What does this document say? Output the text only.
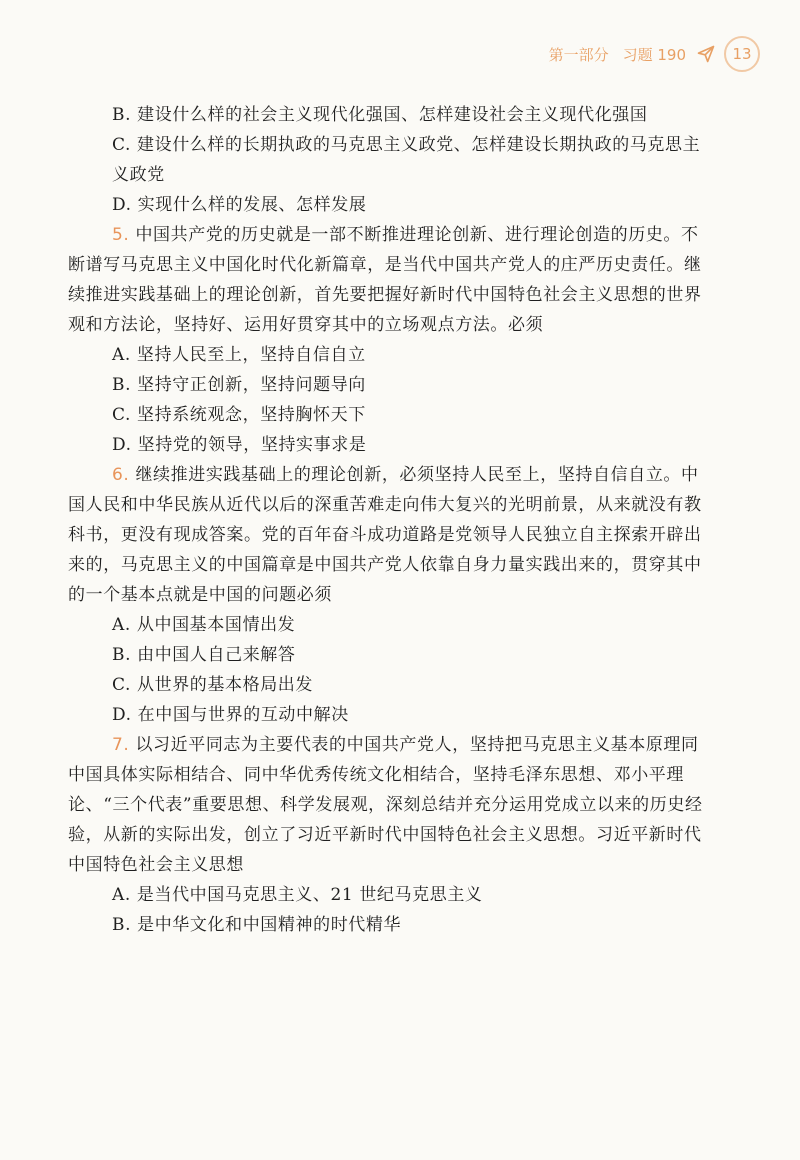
第一部分 习题 190	13

B. 建设什么样的社会主义现代化强国、怎样建设社会主义现代化强国

C. 建设什么样的长期执政的马克思主义政党、怎样建设长期执政的马克思主义政党

D. 实现什么样的发展、怎样发展

5. 中国共产党的历史就是一部不断推进理论创新、进行理论创造的历史。不断谱写马克思主义中国化时代化新篇章，是当代中国共产党人的庄严历史责任。继续推进实践基础上的理论创新，首先要把握好新时代中国特色社会主义思想的世界观和方法论，坚持好、运用好贯穿其中的立场观点方法。必须

A. 坚持人民至上，坚持自信自立

B. 坚持守正创新，坚持问题导向

C. 坚持系统观念，坚持胸怀天下

D. 坚持党的领导，坚持实事求是

6. 继续推进实践基础上的理论创新，必须坚持人民至上，坚持自信自立。中国人民和中华民族从近代以后的深重苦难走向伟大复兴的光明前景，从来就没有教科书，更没有现成答案。党的百年奋斗成功道路是党领导人民独立自主探索开辟出来的，马克思主义的中国篇章是中国共产党人依靠自身力量实践出来的，贯穿其中的一个基本点就是中国的问题必须

A. 从中国基本国情出发

B. 由中国人自己来解答

C. 从世界的基本格局出发

D. 在中国与世界的互动中解决

7. 以习近平同志为主要代表的中国共产党人，坚持把马克思主义基本原理同中国具体实际相结合、同中华优秀传统文化相结合，坚持毛泽东思想、邓小平理论、“三个代表”重要思想、科学发展观，深刻总结并充分运用党成立以来的历史经验，从新的实际出发，创立了习近平新时代中国特色社会主义思想。习近平新时代中国特色社会主义思想

A. 是当代中国马克思主义、21 世纪马克思主义

B. 是中华文化和中国精神的时代精华
